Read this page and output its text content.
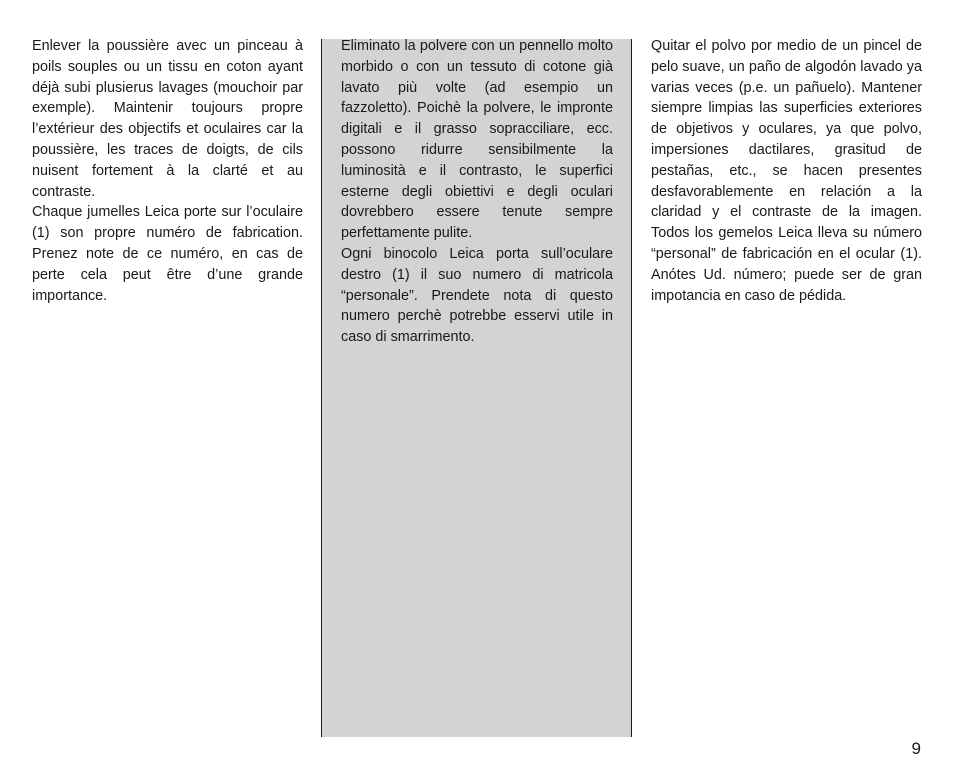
Enlever la poussière avec un pinceau à poils souples ou un tissu en coton ayant déjà subi plusierus lavages (mouchoir par exemple). Maintenir toujours propre l’extérieur des objectifs et oculaires car la poussière, les traces de doigts, de cils nuisent fortement à la clarté et au contraste.

Chaque jumelles Leica porte sur l’oculaire (1) son propre numéro de fabrication. Prenez note de ce numéro, en cas de perte cela peut être d’une grande importance.

Eliminato la polvere con un pennello molto morbido o con un tessuto di cotone già lavato più volte (ad esempio un fazzoletto). Poichè la polvere, le impronte digitali e il grasso sopracciliare, ecc. possono ridurre sensibilmente la luminosità e il contrasto, le superfici esterne degli obiettivi e degli oculari dovrebbero essere tenute sempre perfettamente pulite.

Ogni binocolo Leica porta sull’oculare destro (1) il suo numero di matricola “personale”. Prendete nota di questo numero perchè potrebbe esservi utile in caso di smarrimento.

Quitar el polvo por medio de un pincel de pelo suave, un paño de algodón lavado ya varias veces (p.e. un pañuelo). Mantener siempre limpias las superficies exteriores de objetivos y oculares, ya que polvo, impersiones dactilares, grasitud de pestañas, etc., se hacen presentes desfavorablemente en relación a la claridad y el contraste de la imagen. Todos los gemelos Leica lleva su número “personal” de fabricación en el ocular (1). Anótes Ud. número; puede ser de gran impotancia en caso de pédida.

9
